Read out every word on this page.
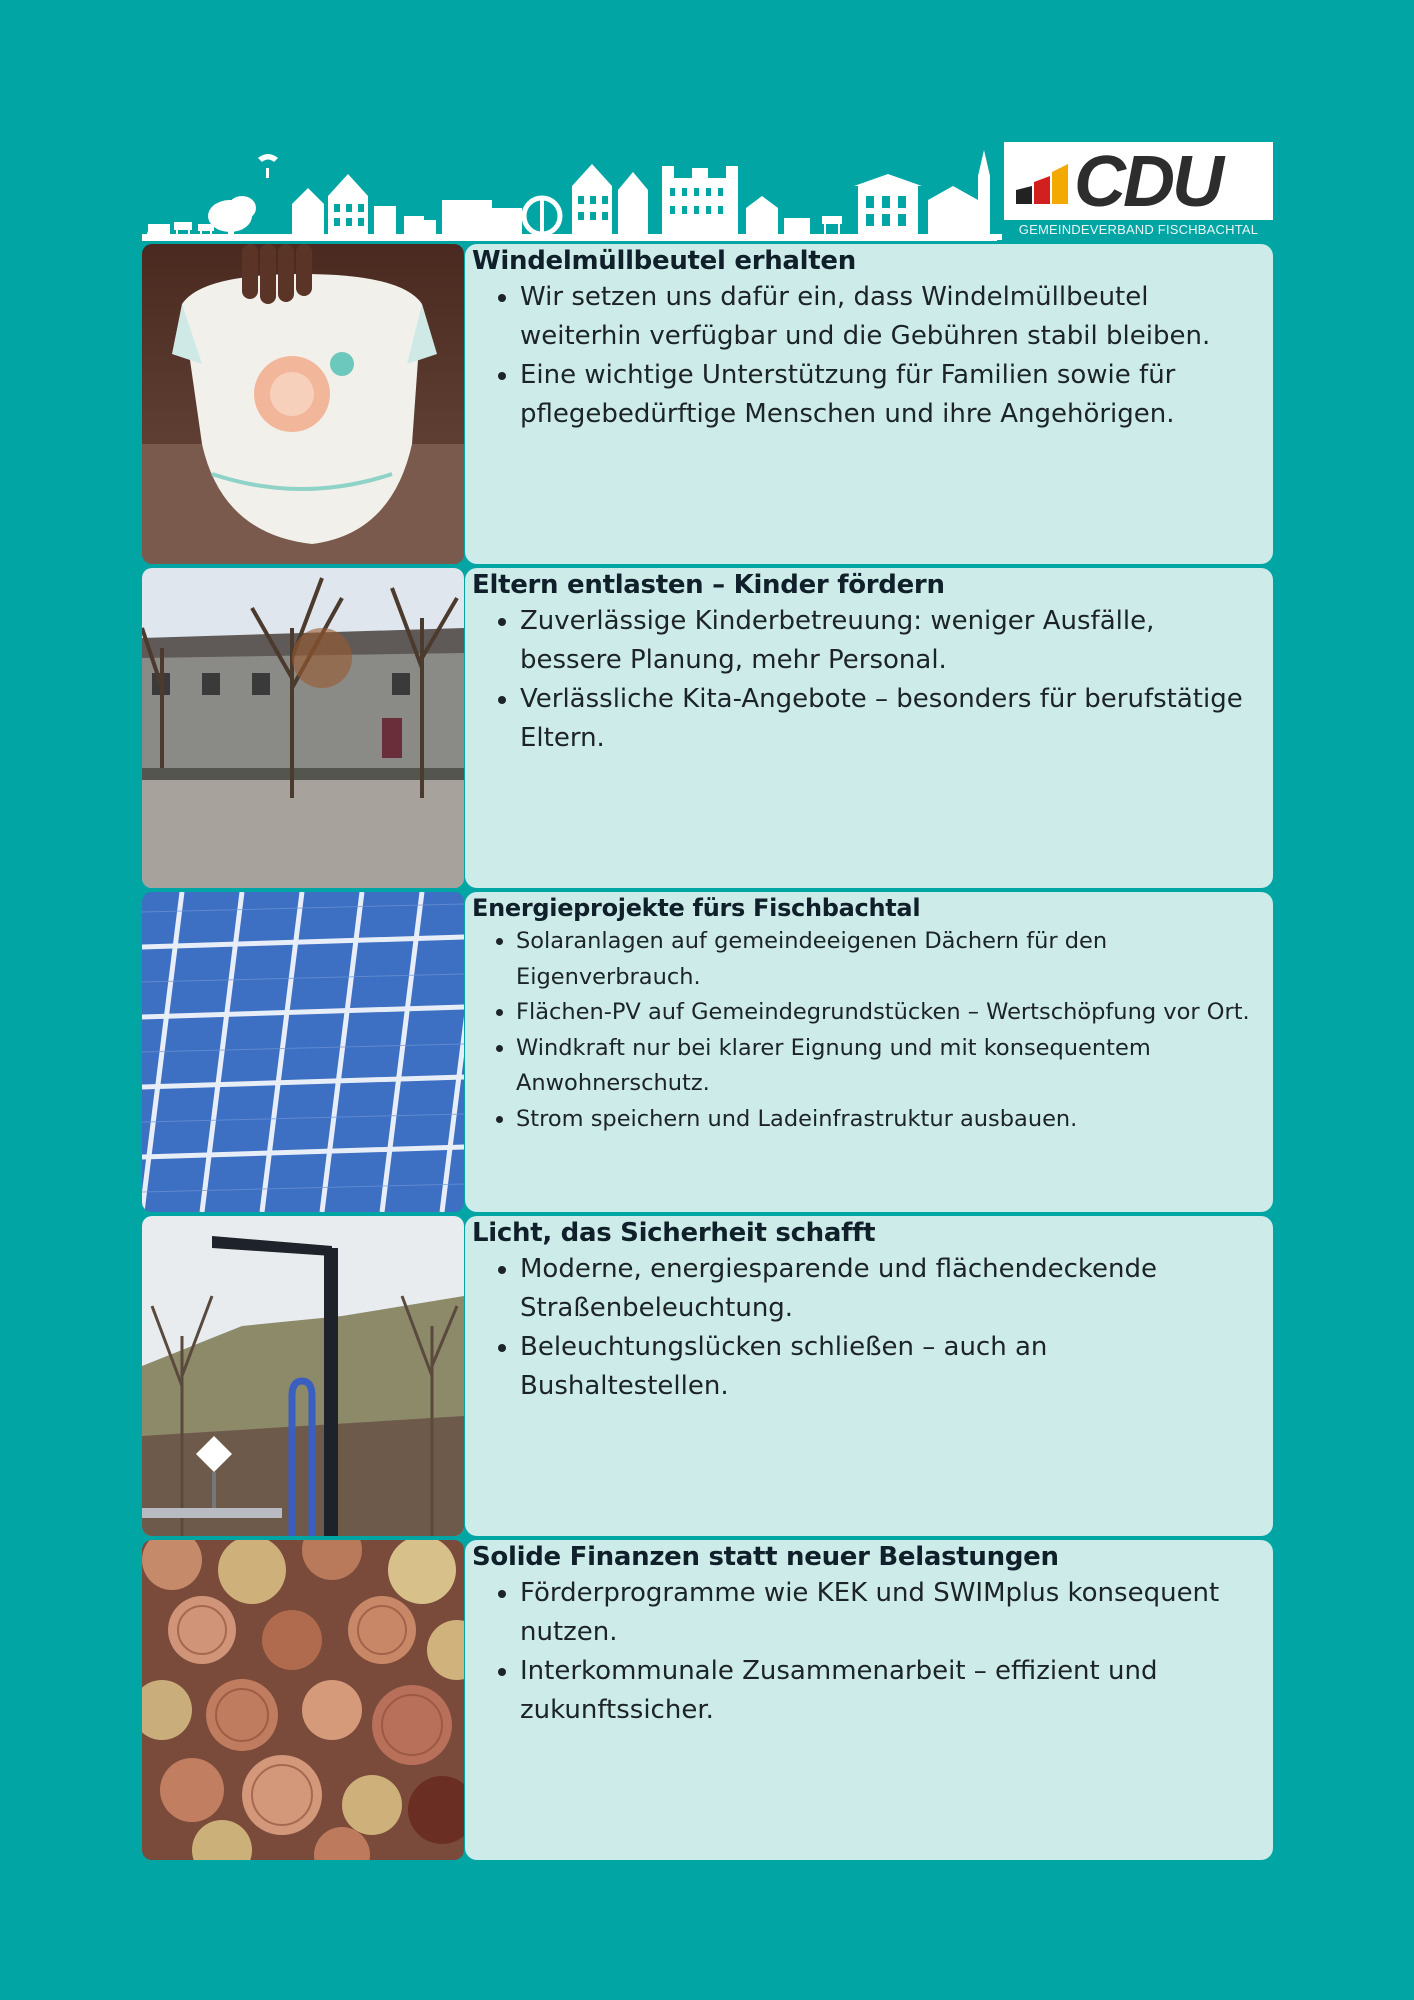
CDU
GEMEINDEVERBAND FISCHBACHTAL
Windelmüllbeutel erhalten
• Wir setzen uns dafür ein, dass Windelmüllbeutel weiterhin verfügbar und die Gebühren stabil bleiben.
• Eine wichtige Unterstützung für Familien sowie für pflegebedürftige Menschen und ihre Angehörigen.
Eltern entlasten – Kinder fördern
• Zuverlässige Kinderbetreuung: weniger Ausfälle, bessere Planung, mehr Personal.
• Verlässliche Kita-Angebote – besonders für berufstätige Eltern.
Energieprojekte fürs Fischbachtal
• Solaranlagen auf gemeindeeigenen Dächern für den Eigenverbrauch.
• Flächen-PV auf Gemeindegrundstücken – Wertschöpfung vor Ort.
• Windkraft nur bei klarer Eignung und mit konsequentem Anwohnerschutz.
• Strom speichern und Ladeinfrastruktur ausbauen.
Licht, das Sicherheit schafft
• Moderne, energiesparende und flächendeckende Straßenbeleuchtung.
• Beleuchtungslücken schließen – auch an Bushaltestellen.
Solide Finanzen statt neuer Belastungen
• Förderprogramme wie KEK und SWIMplus konsequent nutzen.
• Interkommunale Zusammenarbeit – effizient und zukunftssicher.
